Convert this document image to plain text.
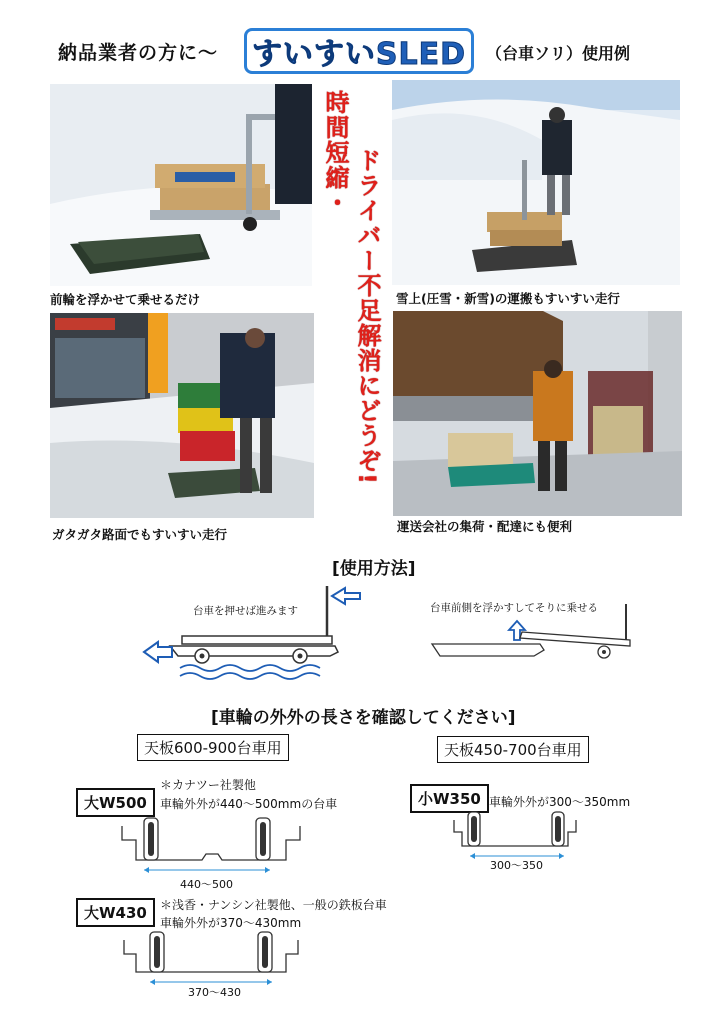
納品業者の方に～ すいすいSLED （台車ソリ）使用例
前輪を浮かせて乗せるだけ	雪上(圧雪・新雪)の運搬もすいすい走行
ガタガタ路面でもすいすい走行
運送会社の集荷・配達にも便利
時間短縮・ ドライバー不足解消にどうぞ!
[使用方法]
台車を押せば進みます	台車前側を浮かすしてそりに乗せる
[車輪の外外の長さを確認してください]
天板600-900台車用	天板450-700台車用
大W500
＊カナツー社製他
車輪外外が440～500mmの台車
440～500
大W430	＊浅香・ナンシン社製他、一般の鉄板台車
車輪外外が370～430mm
370～430
小W350 車輪外外が300～350mm
300～350
